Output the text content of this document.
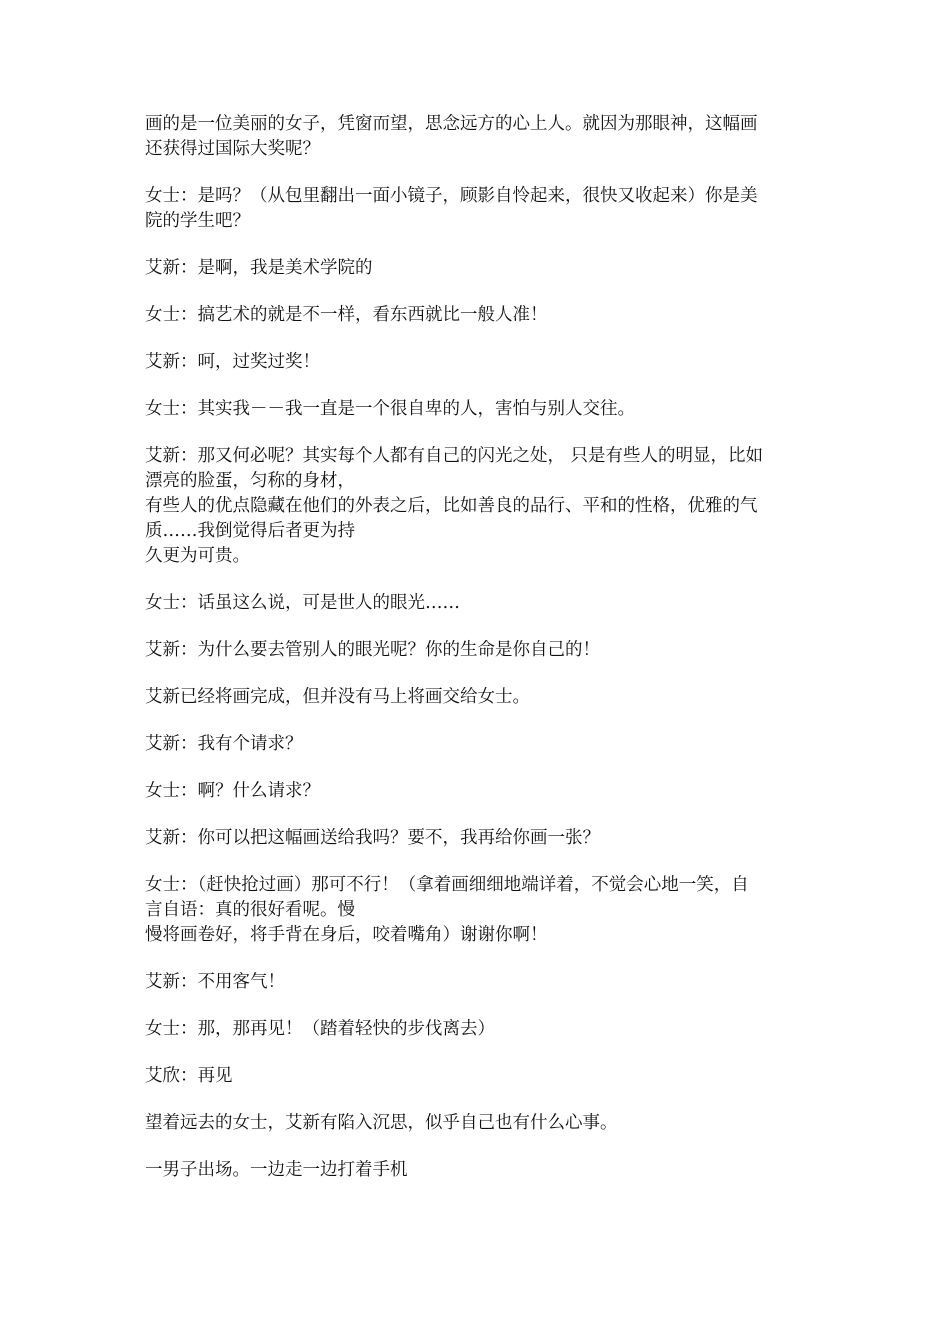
画的是一位美丽的女子，凭窗而望，思念远方的心上人。就因为那眼神，这幅画
还获得过国际大奖呢？

女士：是吗？（从包里翻出一面小镜子，顾影自怜起来，很快又收起来）你是美
院的学生吧？

艾新：是啊，我是美术学院的

女士：搞艺术的就是不一样，看东西就比一般人准！

艾新：呵，过奖过奖！

女士：其实我－－我一直是一个很自卑的人，害怕与别人交往。

艾新：那又何必呢？其实每个人都有自己的闪光之处， 只是有些人的明显，比如
漂亮的脸蛋，匀称的身材，
有些人的优点隐藏在他们的外表之后，比如善良的品行、平和的性格，优雅的气
质……我倒觉得后者更为持
久更为可贵。

女士：话虽这么说，可是世人的眼光……

艾新：为什么要去管别人的眼光呢？你的生命是你自己的！

艾新已经将画完成，但并没有马上将画交给女士。

艾新：我有个请求？

女士：啊？什么请求？

艾新：你可以把这幅画送给我吗？要不，我再给你画一张？

女士：（赶快抢过画）那可不行！（拿着画细细地端详着，不觉会心地一笑，自
言自语：真的很好看呢。慢
慢将画卷好，将手背在身后，咬着嘴角）谢谢你啊！

艾新：不用客气！

女士：那，那再见！（踏着轻快的步伐离去）

艾欣：再见

望着远去的女士，艾新有陷入沉思，似乎自己也有什么心事。

一男子出场。一边走一边打着手机
